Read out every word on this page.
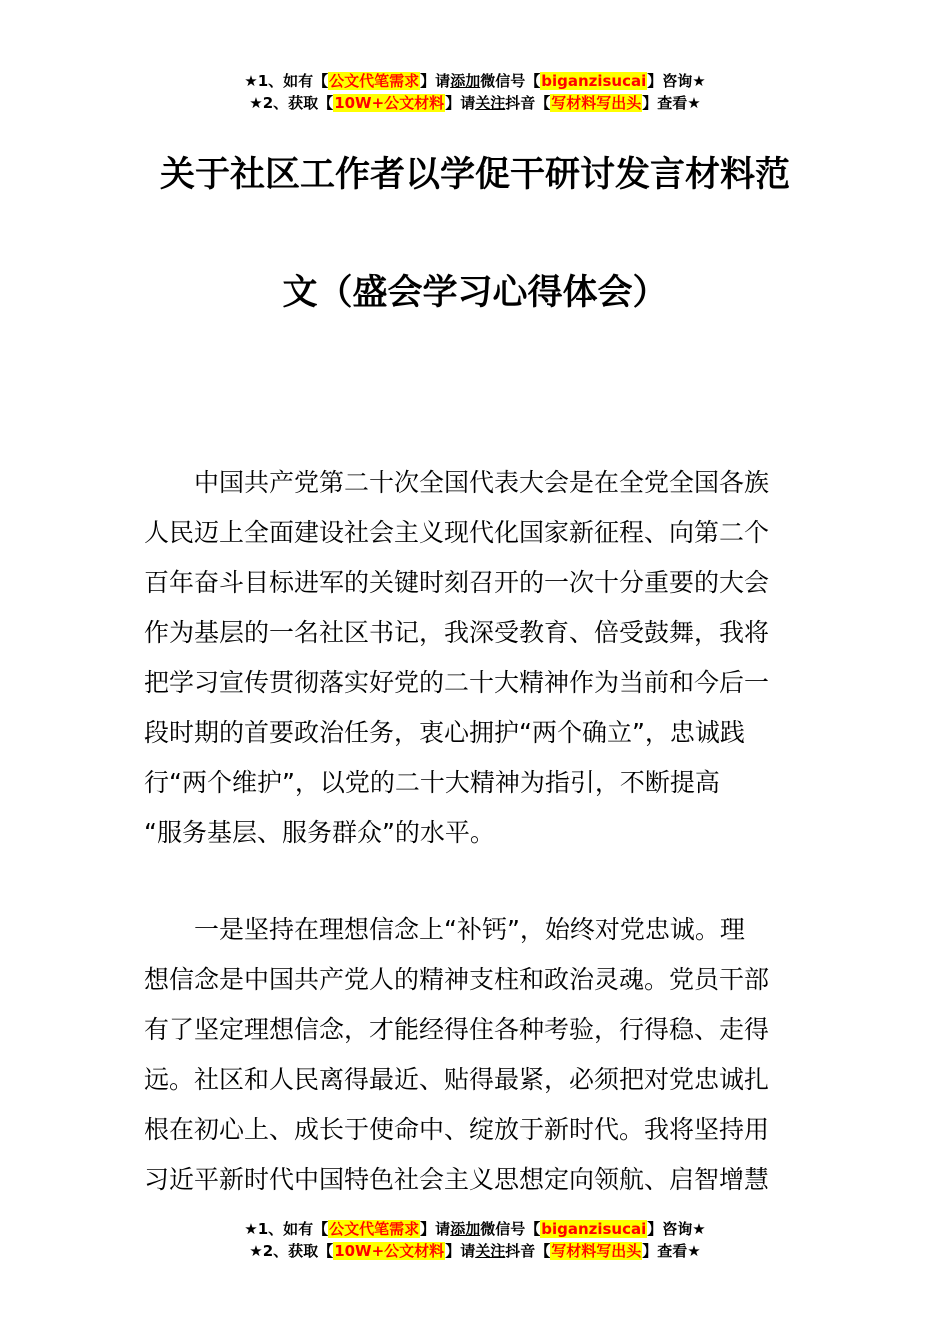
★1、如有【公文代笔需求】请添加微信号【biganzisucai】咨询★
★2、获取【10W+公文材料】请关注抖音【写材料写出头】查看★
关于社区工作者以学促干研讨发言材料范
文（盛会学习心得体会）
　　中国共产党第二十次全国代表大会是在全党全国各族
人民迈上全面建设社会主义现代化国家新征程、向第二个
百年奋斗目标进军的关键时刻召开的一次十分重要的大会
作为基层的一名社区书记，我深受教育、倍受鼓舞，我将
把学习宣传贯彻落实好党的二十大精神作为当前和今后一
段时期的首要政治任务，衷心拥护“两个确立”，忠诚践
行“两个维护”，以党的二十大精神为指引，不断提高
“服务基层、服务群众”的水平。
　　一是坚持在理想信念上“补钙”，始终对党忠诚。理
想信念是中国共产党人的精神支柱和政治灵魂。党员干部
有了坚定理想信念，才能经得住各种考验，行得稳、走得
远。社区和人民离得最近、贴得最紧，必须把对党忠诚扎
根在初心上、成长于使命中、绽放于新时代。我将坚持用
习近平新时代中国特色社会主义思想定向领航、启智增慧
★1、如有【公文代笔需求】请添加微信号【biganzisucai】咨询★
★2、获取【10W+公文材料】请关注抖音【写材料写出头】查看★
